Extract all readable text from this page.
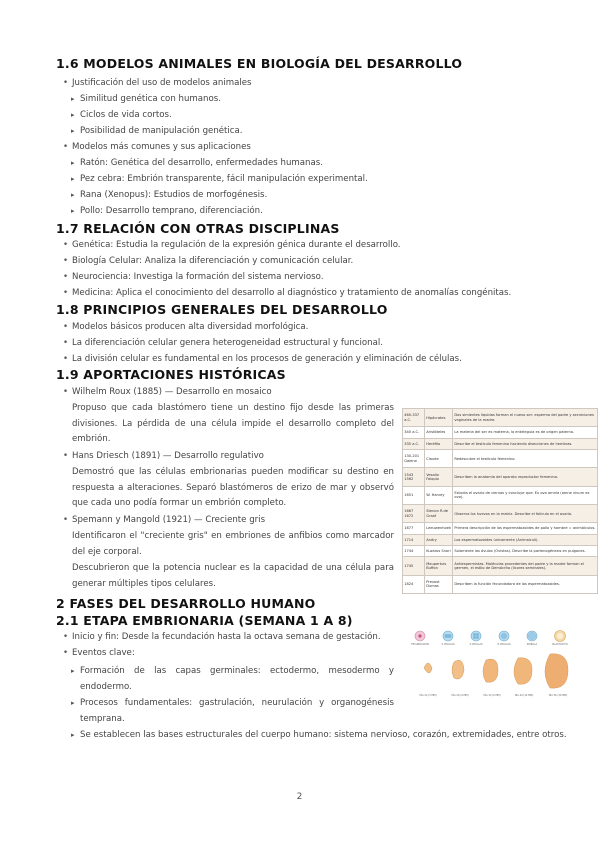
1.6 MODELOS ANIMALES EN BIOLOGÍA DEL DESARROLLO
• Justificación del uso de modelos animales
▸ Similitud genética con humanos.
▸ Ciclos de vida cortos.
▸ Posibilidad de manipulación genética.
• Modelos más comunes y sus aplicaciones
▸ Ratón: Genética del desarrollo, enfermedades humanas.
▸ Pez cebra: Embrión transparente, fácil manipulación experimental.
▸ Rana (Xenopus): Estudios de morfogénesis.
▸ Pollo: Desarrollo temprano, diferenciación.
1.7 RELACIÓN CON OTRAS DISCIPLINAS
• Genética: Estudia la regulación de la expresión génica durante el desarrollo.
• Biología Celular: Analiza la diferenciación y comunicación celular.
• Neurociencia: Investiga la formación del sistema nervioso.
• Medicina: Aplica el conocimiento del desarrollo al diagnóstico y tratamiento de anomalías congénitas.
1.8 PRINCIPIOS GENERALES DEL DESARROLLO
• Modelos básicos producen alta diversidad morfológica.
• La diferenciación celular genera heterogeneidad estructural y funcional.
• La división celular es fundamental en los procesos de generación y eliminación de células.
1.9 APORTACIONES HISTÓRICAS
• Wilhelm Roux (1885) — Desarrollo en mosaico
Propuso que cada blastómero tiene un destino fijo desde las primeras divisiones. La pérdida de una célula impide el desarrollo completo del embrión.
• Hans Driesch (1891) — Desarrollo regulativo
Demostró que las células embrionarias pueden modificar su destino en respuesta a alteraciones. Separó blastómeros de erizo de mar y observó que cada uno podía formar un embrión completo.
• Spemann y Mangold (1921) — Creciente gris
Identificaron el "creciente gris" en embriones de anfibios como marcador del eje corporal.
Descubrieron que la potencia nuclear es la capacidad de una célula para generar múltiples tipos celulares.
460-337 a.C.	Hipócrates	Dos simientes líquidas forman el nuevo ser: esperma del padre y secreciones vaginales de la madre.
340 a.C.	Aristóteles	La materia del ser es materna, la enteleguia es de origen paterno.
335 a.C.	Herófilo	Describe el testículo femenino haciendo disecciones de hembras.
130-201 Galeno	Claude	Redescubre el testículo femenino.
1543 1562	Vesalio Falopio	Describen la anatomía del aparato reproductor femenino.
1651	W. Harvey	Estudia el ovario de ciervas y concluye que: Ex ovo omnia (omne vivum ex ovo).
1667 1672	Stenon R.de Graaf	Observa los huevos en la matriz. Describe el folículo en el ovario.
1677	Leeuwenhoek	Primera descripción de los espermatozoides de pollo y hombre = animálculos.
1714	Andry	Los espermatozoides únicamente (Animalculi).
1744	Kuzaros Snori	Solamente los óvulos (Ovistas). Describe la partenogénesis en pulgones.
1745	Maupertuis Buffon	Antiespermistas. Moléculas procedentes del padre y la madre forman el germen, el estilo de Demócrito (licores seminales).
1824	Prevost Dumas	Describen la función fecundadora de los espermatozoides.
2 FASES DEL DESARROLLO HUMANO
2.1 ETAPA EMBRIONARIA (SEMANA 1 A 8)
• Inicio y fin: Desde la fecundación hasta la octava semana de gestación.
• Eventos clave:
▸ Formación de las capas germinales: ectodermo, mesodermo y endodermo.
▸ Procesos fundamentales: gastrulación, neurulación y organogénesis temprana.
▸ Se establecen las bases estructurales del cuerpo humano: sistema nervioso, corazón, extremidades, entre otros.
FECUNDACIÓN	2 CÉLULAS	4 CÉLULAS	8 CÉLULAS	MÓRULA	BLASTOCITO
DÍA 22 (3 MM)	DÍA 26 (4 MM)	DÍA 32 (6 MM)	DÍA 44 (14 MM)	DÍA 56 (30 MM)
2
